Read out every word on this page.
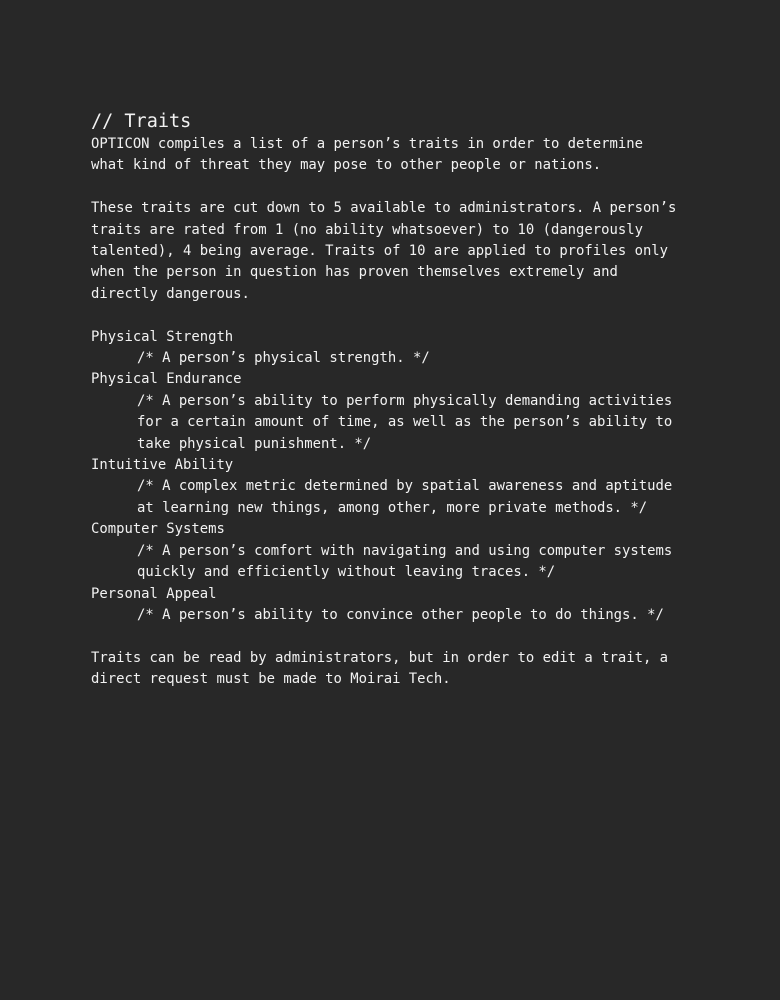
// Traits

OPTICON compiles a list of a person’s traits in order to determine

what kind of threat they may pose to other people or nations.

These traits are cut down to 5 available to administrators. A person’s

traits are rated from 1 (no ability whatsoever) to 10 (dangerously

talented), 4 being average. Traits of 10 are applied to profiles only

when the person in question has proven themselves extremely and

directly dangerous.

Physical Strength

/* A person’s physical strength. */

Physical Endurance

/* A person’s ability to perform physically demanding activities

for a certain amount of time, as well as the person’s ability to

take physical punishment. */

Intuitive Ability

/* A complex metric determined by spatial awareness and aptitude

at learning new things, among other, more private methods. */

Computer Systems

/* A person’s comfort with navigating and using computer systems

quickly and efficiently without leaving traces. */

Personal Appeal

/* A person’s ability to convince other people to do things. */

Traits can be read by administrators, but in order to edit a trait, a

direct request must be made to Moirai Tech.
